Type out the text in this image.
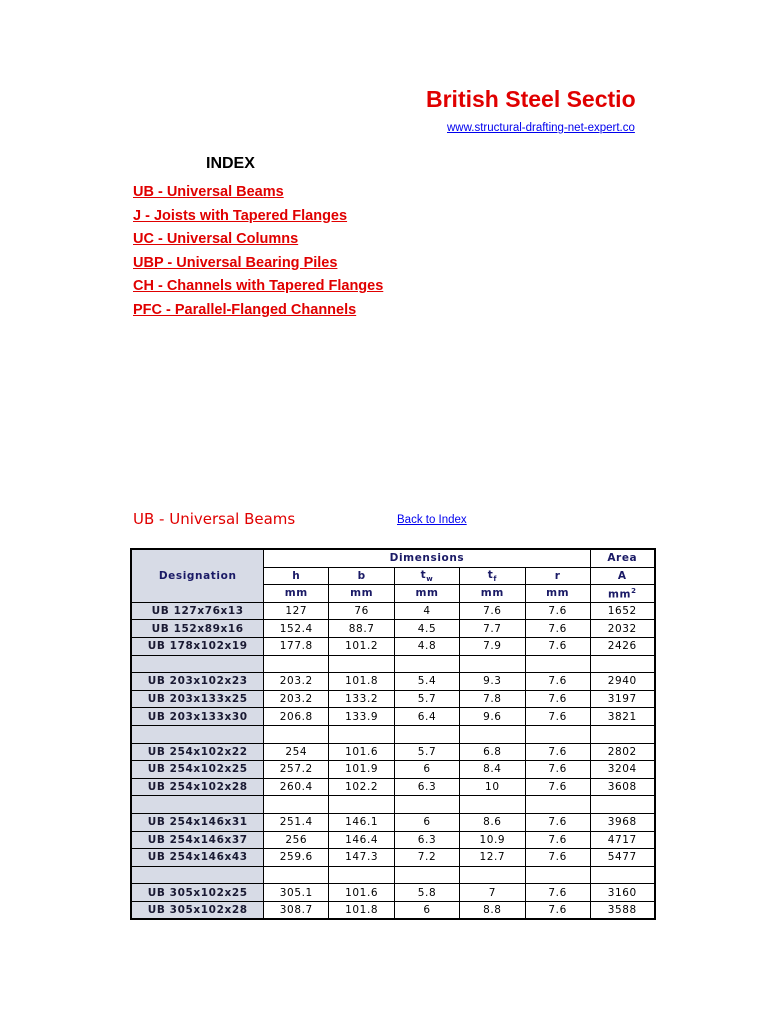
British Steel Sectio
www.structural-drafting-net-expert.co
INDEX
UB - Universal Beams
J - Joists with Tapered Flanges
UC - Universal Columns
UBP - Universal Bearing Piles
CH - Channels with Tapered Flanges
PFC - Parallel-Flanged Channels
UB - Universal Beams	Back to Index
Designation	Dimensions					Area
	h	b	$t_w$	$t_f$	r	A
	mm	mm	mm	mm	mm	$mm^2$
UB 127x76x13	127	76	4	7.6	7.6	1652
UB 152x89x16	152.4	88.7	4.5	7.7	7.6	2032
UB 178x102x19	177.8	101.2	4.8	7.9	7.6	2426

UB 203x102x23	203.2	101.8	5.4	9.3	7.6	2940
UB 203x133x25	203.2	133.2	5.7	7.8	7.6	3197
UB 203x133x30	206.8	133.9	6.4	9.6	7.6	3821

UB 254x102x22	254	101.6	5.7	6.8	7.6	2802
UB 254x102x25	257.2	101.9	6	8.4	7.6	3204
UB 254x102x28	260.4	102.2	6.3	10	7.6	3608

UB 254x146x31	251.4	146.1	6	8.6	7.6	3968
UB 254x146x37	256	146.4	6.3	10.9	7.6	4717
UB 254x146x43	259.6	147.3	7.2	12.7	7.6	5477

UB 305x102x25	305.1	101.6	5.8	7	7.6	3160
UB 305x102x28	308.7	101.8	6	8.8	7.6	3588
